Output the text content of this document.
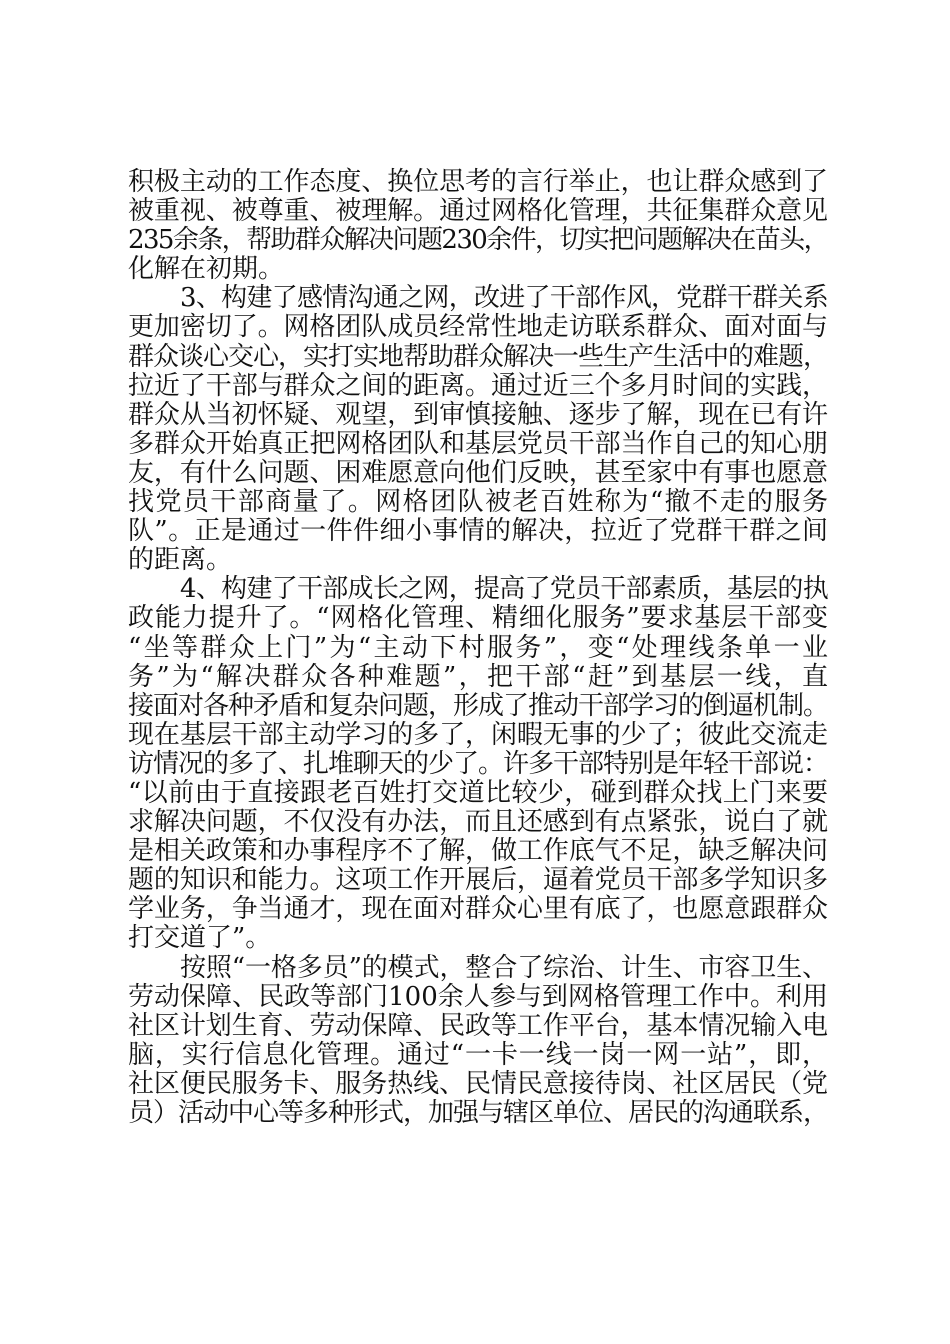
积极主动的工作态度、换位思考的言行举止，也让群众感到了
被重视、被尊重、被理解。通过网格化管理，共征集群众意见
235余条，帮助群众解决问题230余件，切实把问题解决在苗头，
化解在初期。
3、构建了感情沟通之网，改进了干部作风，党群干群关系
更加密切了。网格团队成员经常性地走访联系群众、面对面与
群众谈心交心，实打实地帮助群众解决一些生产生活中的难题，
拉近了干部与群众之间的距离。通过近三个多月时间的实践，
群众从当初怀疑、观望，到审慎接触、逐步了解，现在已有许
多群众开始真正把网格团队和基层党员干部当作自己的知心朋
友，有什么问题、困难愿意向他们反映，甚至家中有事也愿意
找党员干部商量了。网格团队被老百姓称为“撤不走的服务
队”。正是通过一件件细小事情的解决，拉近了党群干群之间
的距离。
4、构建了干部成长之网，提高了党员干部素质，基层的执
政能力提升了。“网格化管理、精细化服务”要求基层干部变
“坐等群众上门”为“主动下村服务”，变“处理线条单一业
务”为“解决群众各种难题”，把干部“赶”到基层一线，直
接面对各种矛盾和复杂问题，形成了推动干部学习的倒逼机制。
现在基层干部主动学习的多了，闲暇无事的少了；彼此交流走
访情况的多了、扎堆聊天的少了。许多干部特别是年轻干部说：
“以前由于直接跟老百姓打交道比较少，碰到群众找上门来要
求解决问题，不仅没有办法，而且还感到有点紧张，说白了就
是相关政策和办事程序不了解，做工作底气不足，缺乏解决问
题的知识和能力。这项工作开展后，逼着党员干部多学知识多
学业务，争当通才，现在面对群众心里有底了，也愿意跟群众
打交道了”。
按照“一格多员”的模式，整合了综治、计生、市容卫生、
劳动保障、民政等部门100余人参与到网格管理工作中。利用
社区计划生育、劳动保障、民政等工作平台，基本情况输入电
脑，实行信息化管理。通过“一卡一线一岗一网一站”，即，
社区便民服务卡、服务热线、民情民意接待岗、社区居民（党
员）活动中心等多种形式，加强与辖区单位、居民的沟通联系，
